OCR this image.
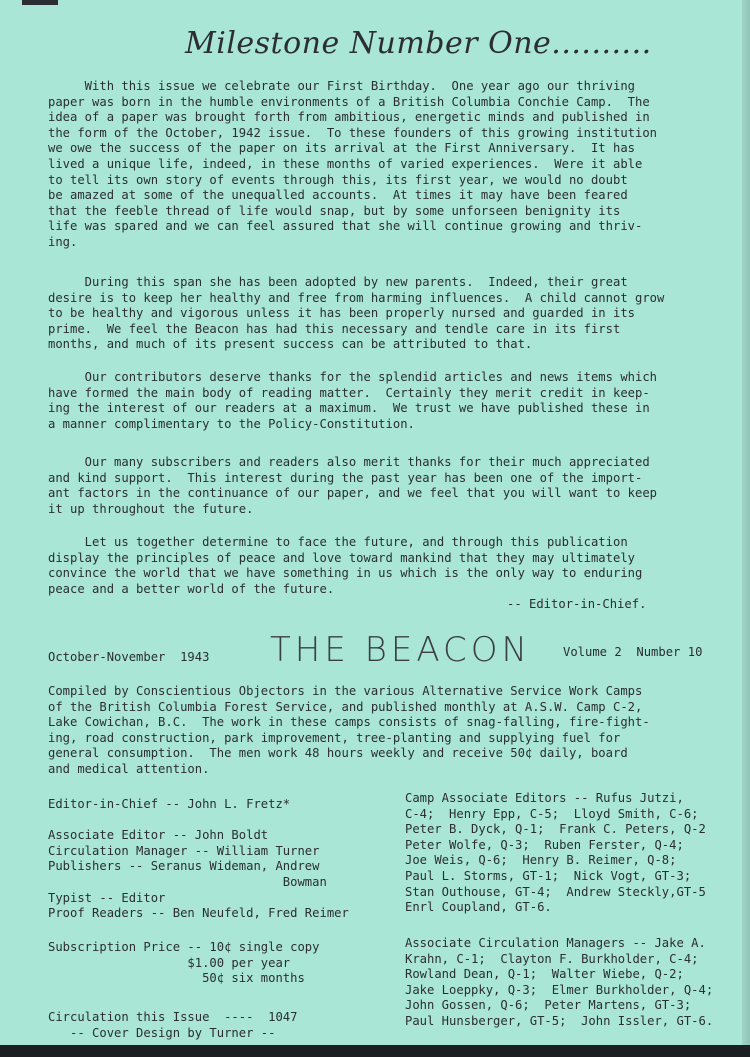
Milestone Number One..........
With this issue we celebrate our First Birthday.  One year ago our thriving
paper was born in the humble environments of a British Columbia Conchie Camp.  The
idea of a paper was brought forth from ambitious, energetic minds and published in
the form of the October, 1942 issue.  To these founders of this growing institution
we owe the success of the paper on its arrival at the First Anniversary.  It has
lived a unique life, indeed, in these months of varied experiences.  Were it able
to tell its own story of events through this, its first year, we would no doubt
be amazed at some of the unequalled accounts.  At times it may have been feared
that the feeble thread of life would snap, but by some unforseen benignity its
life was spared and we can feel assured that she will continue growing and thriv-
ing.
During this span she has been adopted by new parents.  Indeed, their great
desire is to keep her healthy and free from harming influences.  A child cannot grow
to be healthy and vigorous unless it has been properly nursed and guarded in its
prime.  We feel the Beacon has had this necessary and tendle care in its first
months, and much of its present success can be attributed to that.
Our contributors deserve thanks for the splendid articles and news items which
have formed the main body of reading matter.  Certainly they merit credit in keep-
ing the interest of our readers at a maximum.  We trust we have published these in
a manner complimentary to the Policy-Constitution.
Our many subscribers and readers also merit thanks for their much appreciated
and kind support.  This interest during the past year has been one of the import-
ant factors in the continuance of our paper, and we feel that you will want to keep
it up throughout the future.
Let us together determine to face the future, and through this publication
display the principles of peace and love toward mankind that they may ultimately
convince the world that we have something in us which is the only way to enduring
peace and a better world of the future.
-- Editor-in-Chief.
October-November  1943 THE BEACON	Volume 2  Number 10
Compiled by Conscientious Objectors in the various Alternative Service Work Camps
of the British Columbia Forest Service, and published monthly at A.S.W. Camp C-2,
Lake Cowichan, B.C.  The work in these camps consists of snag-falling, fire-fight-
ing, road construction, park improvement, tree-planting and supplying fuel for
general consumption.  The men work 48 hours weekly and receive 50¢ daily, board
and medical attention.
Editor-in-Chief -- John L. Fretz*

Associate Editor -- John Boldt
Circulation Manager -- William Turner
Publishers -- Seranus Wideman, Andrew
Bowman
Typist -- Editor
Proof Readers -- Ben Neufeld, Fred Reimer
Subscription Price -- 10¢ single copy
$1.00 per year
50¢ six months
Circulation this Issue  ----  1047
-- Cover Design by Turner --
Camp Associate Editors -- Rufus Jutzi,
C-4;  Henry Epp, C-5;  Lloyd Smith, C-6;
Peter B. Dyck, Q-1;  Frank C. Peters, Q-2
Peter Wolfe, Q-3;  Ruben Ferster, Q-4;
Joe Weis, Q-6;  Henry B. Reimer, Q-8;
Paul L. Storms, GT-1;  Nick Vogt, GT-3;
Stan Outhouse, GT-4;  Andrew Steckly,GT-5
Enrl Coupland, GT-6.
Associate Circulation Managers -- Jake A.
Krahn, C-1;  Clayton F. Burkholder, C-4;
Rowland Dean, Q-1;  Walter Wiebe, Q-2;
Jake Loeppky, Q-3;  Elmer Burkholder, Q-4;
John Gossen, Q-6;  Peter Martens, GT-3;
Paul Hunsberger, GT-5;  John Issler, GT-6.
